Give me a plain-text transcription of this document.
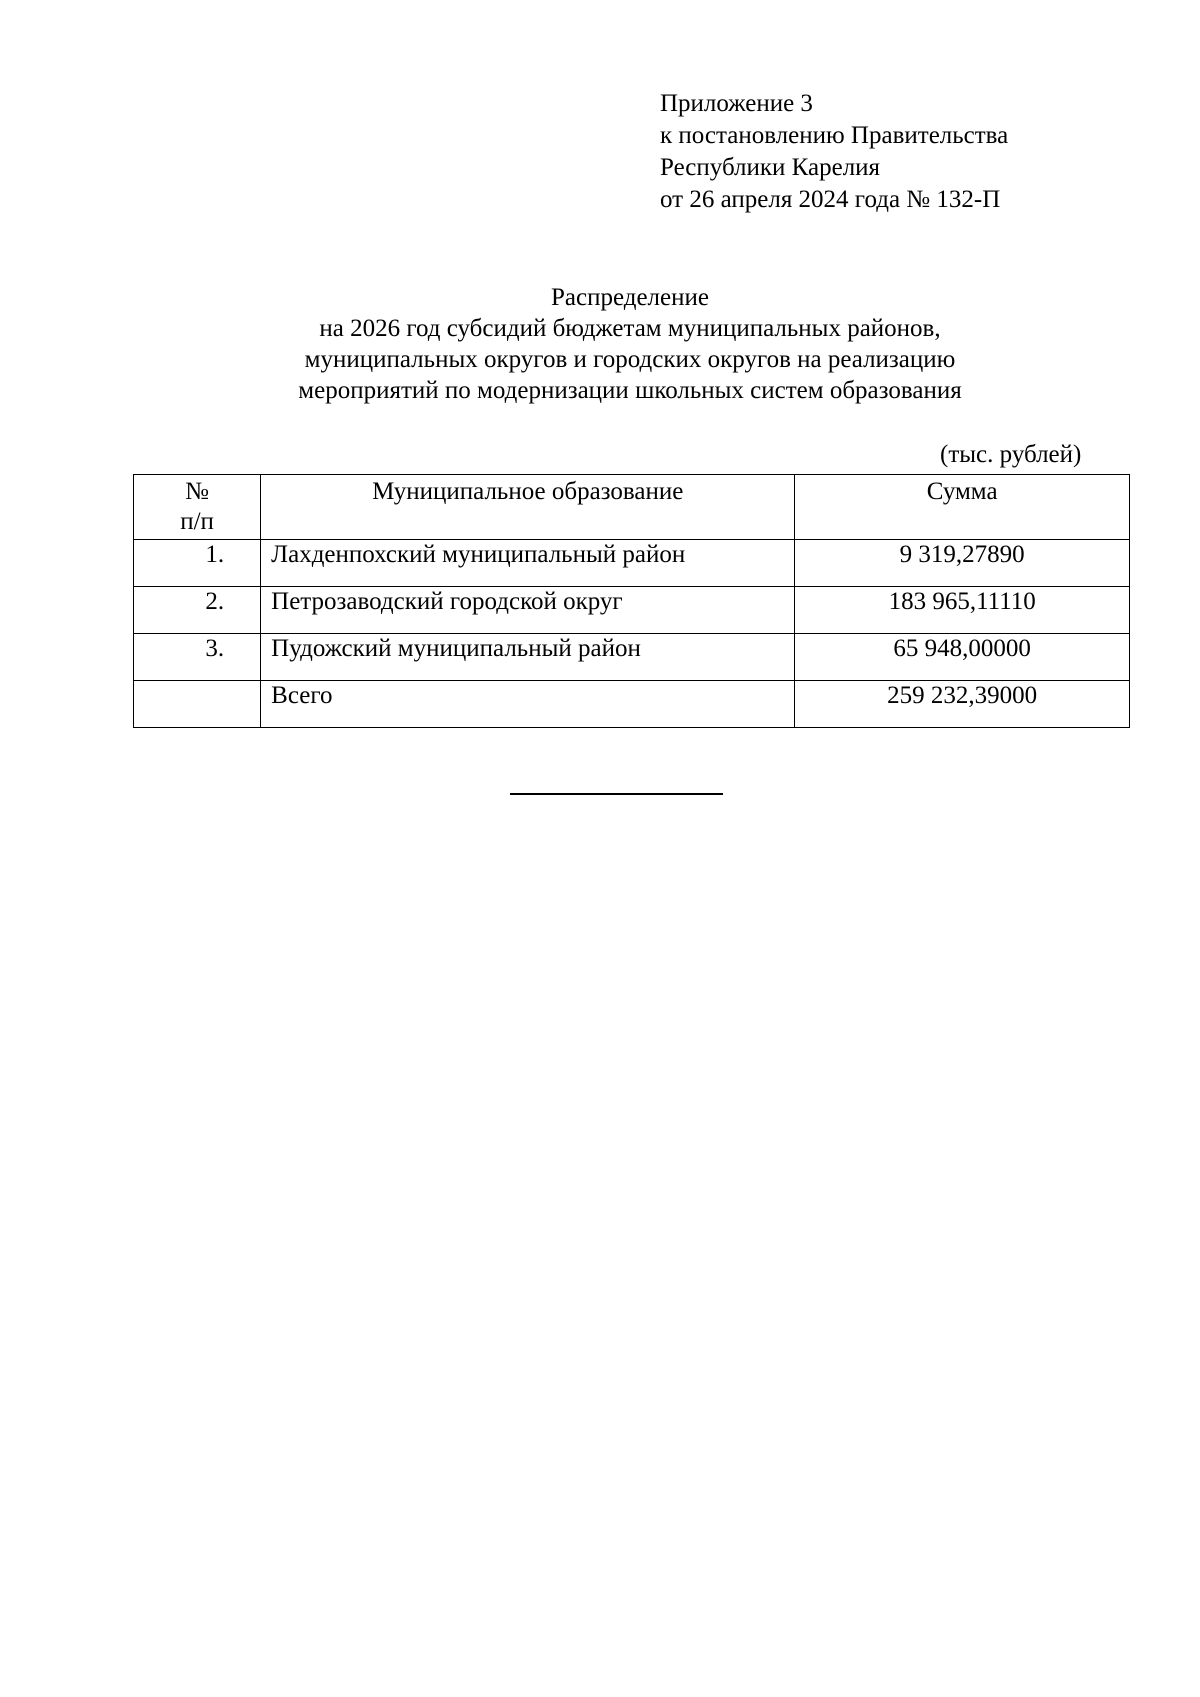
Приложение 3
к постановлению Правительства
Республики Карелия
от 26 апреля 2024 года № 132-П
Распределение
на 2026 год субсидий бюджетам муниципальных районов,
муниципальных округов и городских округов на реализацию
мероприятий по модернизации школьных систем образования
(тыс. рублей)
№
п/п	Муниципальное образование	Сумма
1.	Лахденпохский муниципальный район	9 319,27890
2.	Петрозаводский городской округ	183 965,11110
3.	Пудожский муниципальный район	65 948,00000
	Всего	259 232,39000
